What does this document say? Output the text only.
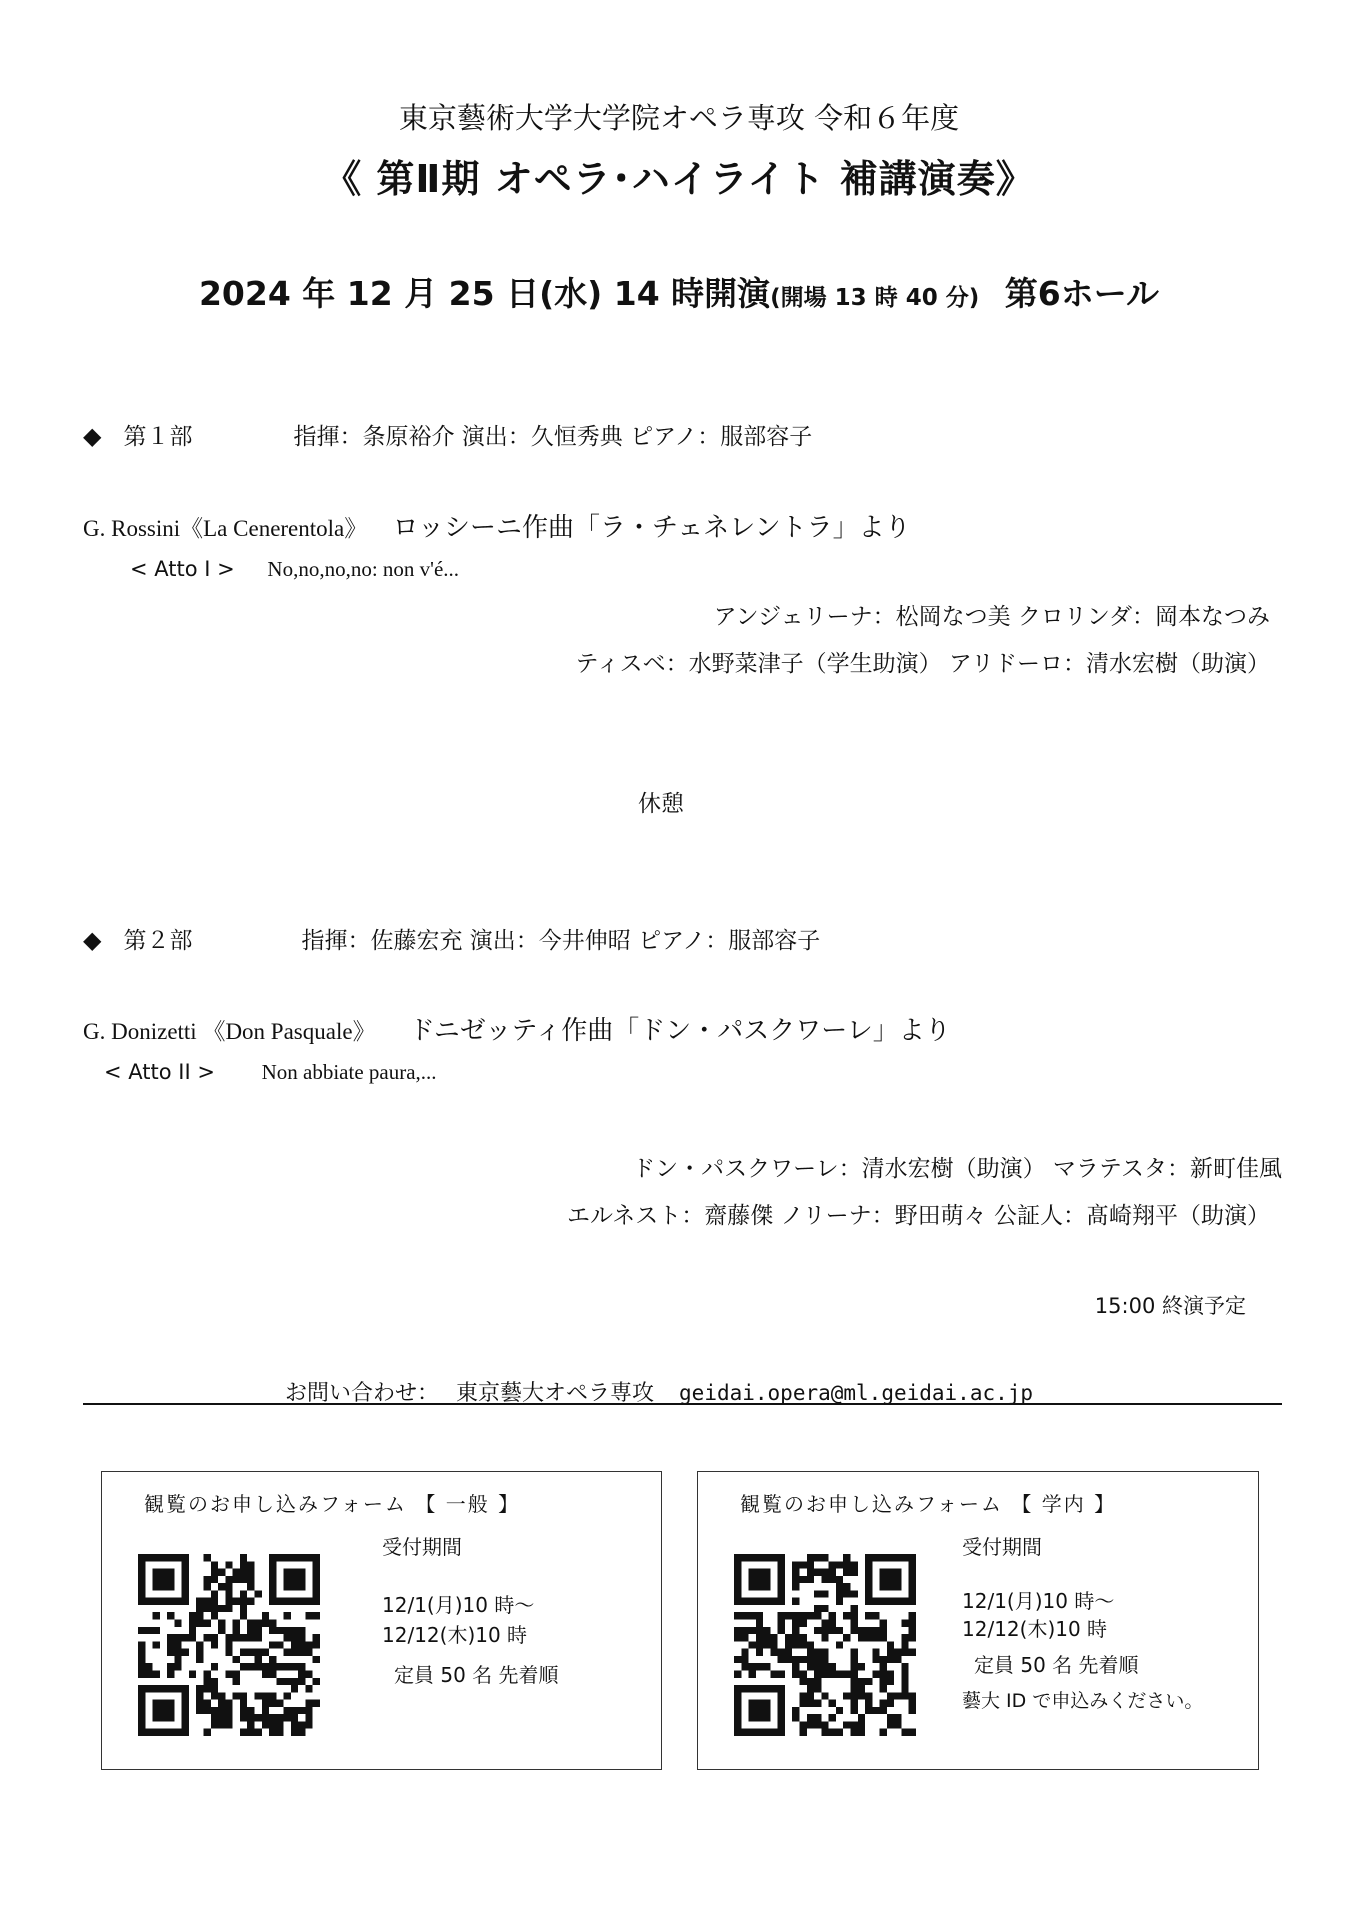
東京藝術大学大学院オペラ専攻 令和６年度
《 第Ⅱ期 オペラ･ハイライト 補講演奏》
2024 年 12 月 25 日(水) 14 時開演(開場 13 時 40 分) 第6ホール
◆ 第１部	指揮：条原裕介 演出：久恒秀典 ピアノ：服部容子
G. Rossini《La Cenerentola》 ロッシーニ作曲「ラ・チェネレントラ」より
< Atto I > No,no,no,no: non v'é...
アンジェリーナ：松岡なつ美 クロリンダ：岡本なつみ
ティスベ：水野菜津子（学生助演） アリドーロ：清水宏樹（助演）
休憩
◆ 第２部	指揮：佐藤宏充 演出：今井伸昭 ピアノ：服部容子
G. Donizetti 《Don Pasquale》 ドニゼッティ作曲「ドン・パスクワーレ」より
< Atto II > Non abbiate paura,...
ドン・パスクワーレ：清水宏樹（助演） マラテスタ：新町佳風
エルネスト：齋藤傑 ノリーナ：野田萌々 公証人：髙崎翔平（助演）
15:00 終演予定
お問い合わせ： 東京藝大オペラ専攻 geidai.opera@ml.geidai.ac.jp
観覧のお申し込みフォーム 【 一般 】
受付期間
12/1(月)10 時～
12/12(木)10 時
定員 50 名 先着順
観覧のお申し込みフォーム 【 学内 】
受付期間
12/1(月)10 時～
12/12(木)10 時
定員 50 名 先着順
藝大 ID で申込みください。
